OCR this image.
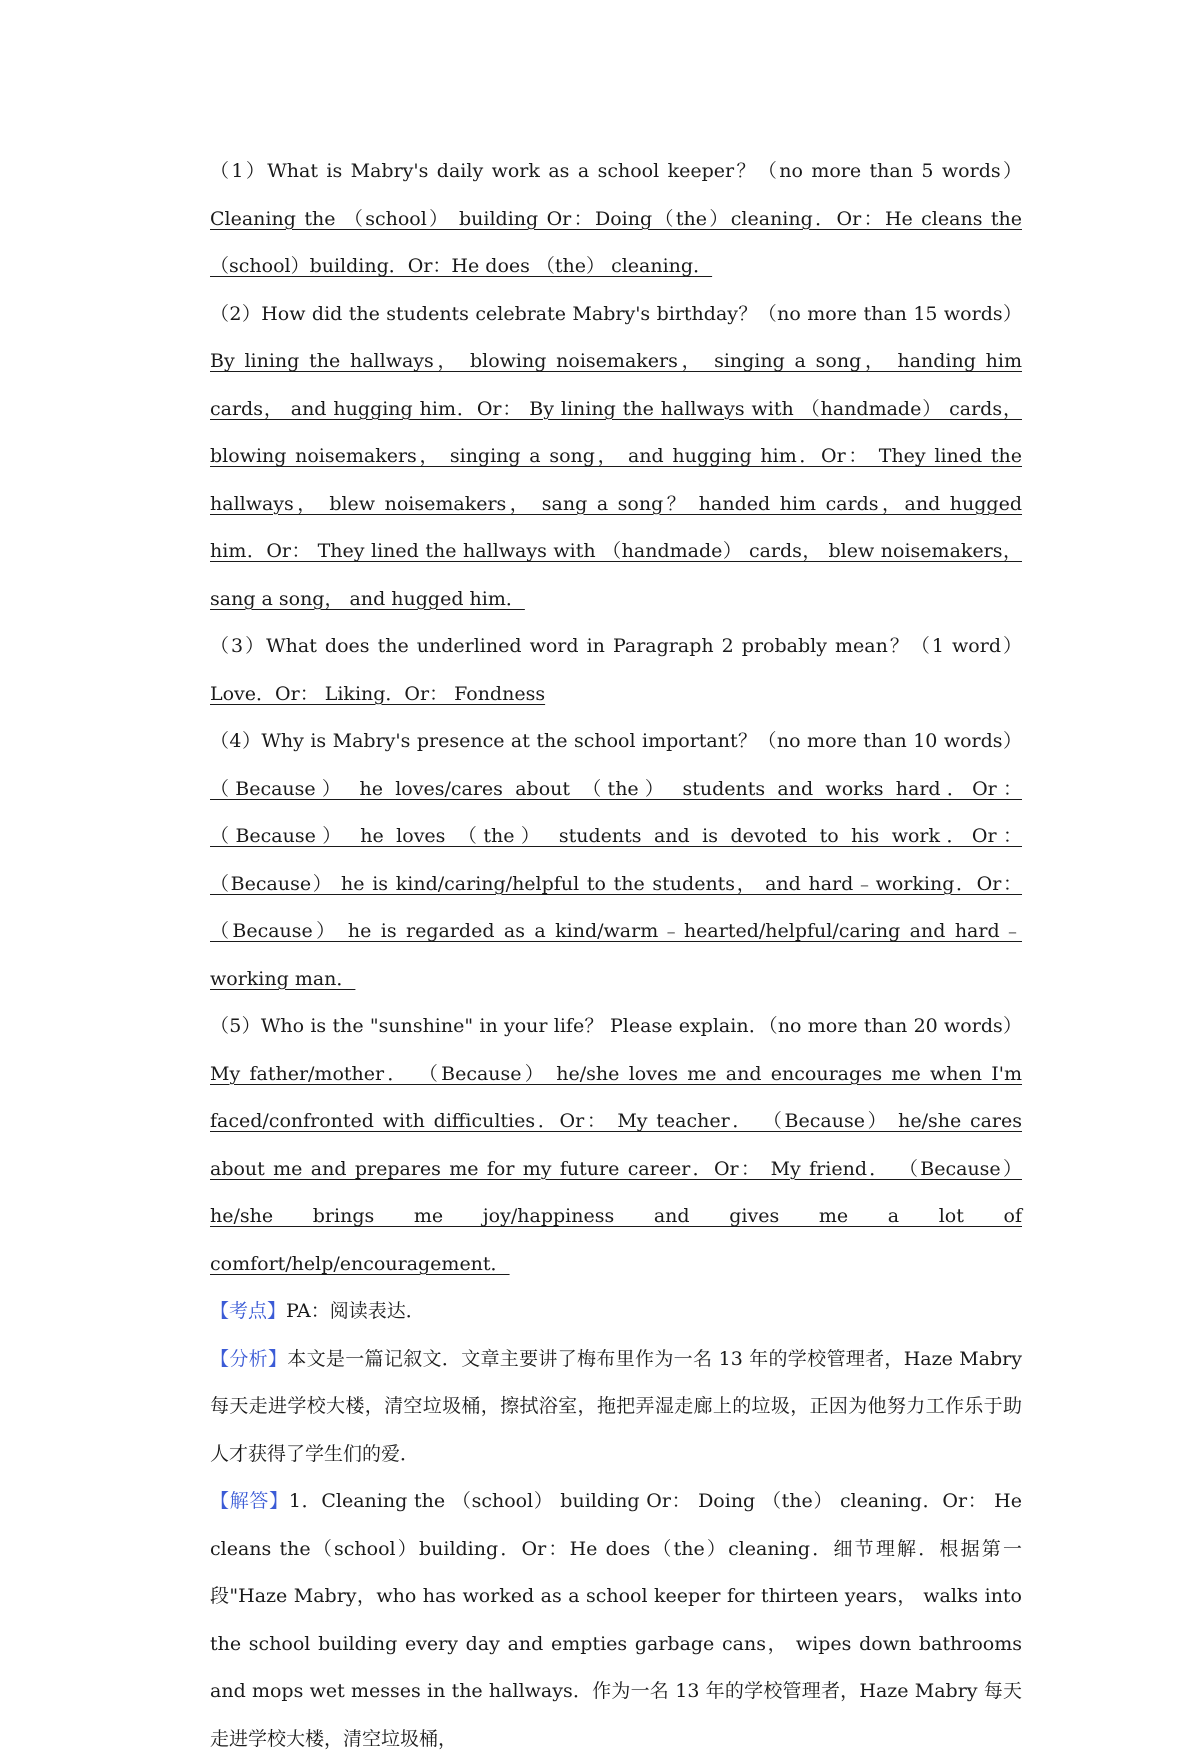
（1）What is Mabry's daily work as a school keeper？（no more than 5 words） Cleaning the （school） building Or：Doing（the）cleaning．Or：He cleans the（school）building．Or：He does （the） cleaning．

（2）How did the students celebrate Mabry's birthday？（no more than 15 words） By lining the hallways， blowing noisemakers， singing a song， handing him cards， and hugging him．Or： By lining the hallways with （handmade） cards， blowing noisemakers， singing a song， and hugging him．Or： They lined the hallways， blew noisemakers， sang a song？ handed him cards，and hugged him．Or： They lined the hallways with （handmade） cards， blew noisemakers， sang a song， and hugged him．

（3）What does the underlined word in Paragraph 2 probably mean？（1 word） Love．Or： Liking．Or： Fondness

（4）Why is Mabry's presence at the school important？（no more than 10 words） （Because） he loves/cares about （the） students and works hard．Or：（Because） he loves （the） students and is devoted to his work．Or： （Because） he is kind/caring/helpful to the students， and hard﹣working．Or： （Because） he is regarded as a kind/warm﹣hearted/helpful/caring and hard﹣working man．

（5）Who is the "sunshine" in your life？ Please explain．（no more than 20 words） My father/mother． （Because） he/she loves me and encourages me when I'm faced/confronted with difficulties．Or： My teacher． （Because） he/she cares about me and prepares me for my future career．Or： My friend． （Because） he/she brings me joy/happiness and gives me a lot of comfort/help/encouragement．

【考点】PA：阅读表达．

【分析】本文是一篇记叙文．文章主要讲了梅布里作为一名 13 年的学校管理者，Haze Mabry 每天走进学校大楼，清空垃圾桶，擦拭浴室，拖把弄湿走廊上的垃圾，正因为他努力工作乐于助人才获得了学生们的爱．

【解答】1．Cleaning the （school） building Or： Doing （the） cleaning．Or： He cleans the（school）building．Or：He does（the）cleaning．细节理解．根据第一段"Haze Mabry，who has worked as a school keeper for thirteen years， walks into the school building every day and empties garbage cans， wipes down bathrooms and mops wet messes in the hallways．作为一名 13 年的学校管理者，Haze Mabry 每天走进学校大楼，清空垃圾桶，
